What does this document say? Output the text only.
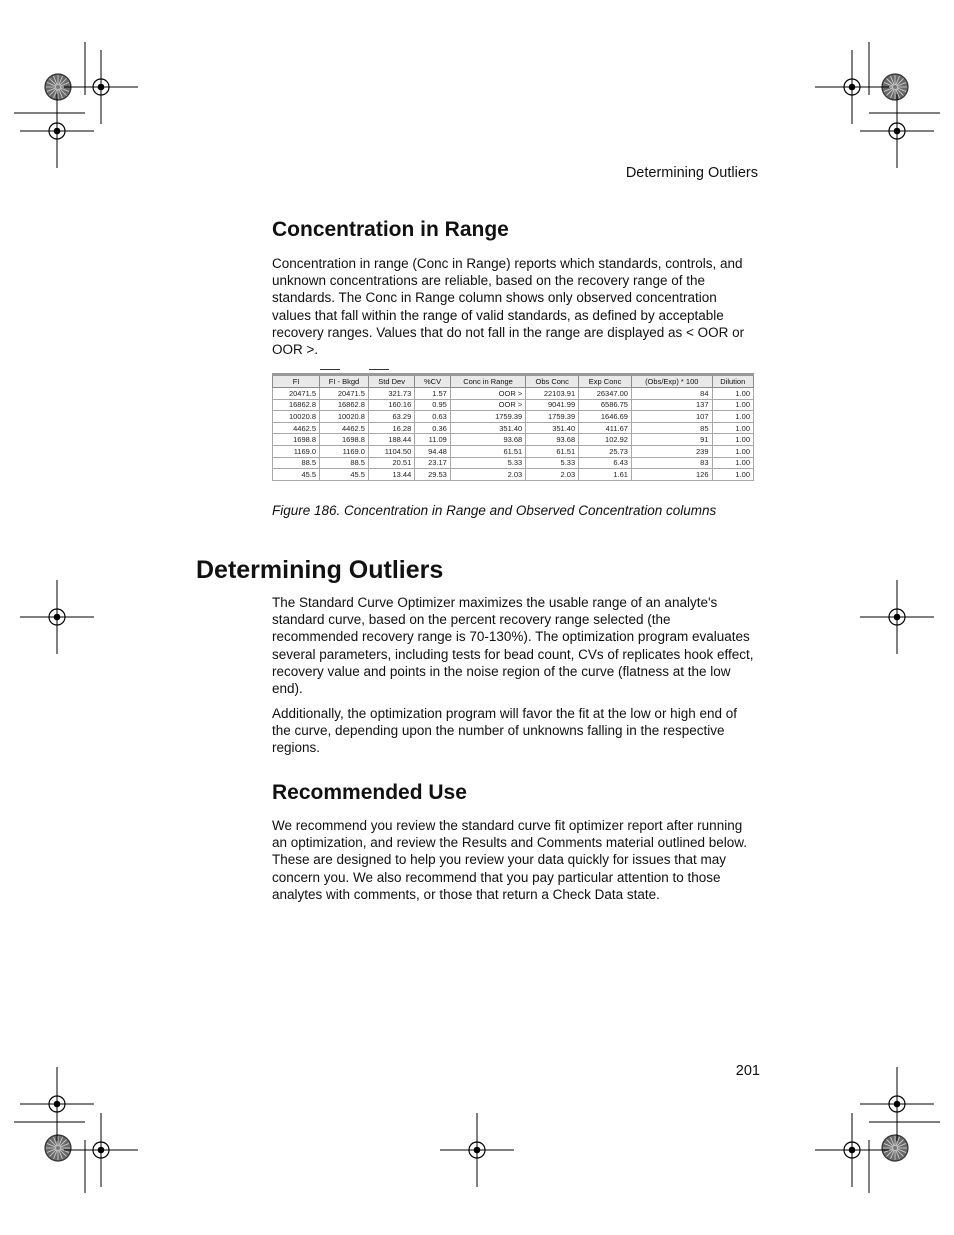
Determining Outliers
Concentration in Range

Concentration in range (Conc in Range) reports which standards, controls, and unknown concentrations are reliable, based on the recovery range of the standards. The Conc in Range column shows only observed concentration values that fall within the range of valid standards, as defined by acceptable recovery ranges. Values that do not fall in the range are displayed as < OOR or OOR >.

FI	FI - Bkgd	Std Dev	%CV	Conc in Range	Obs Conc	Exp Conc	(Obs/Exp) * 100	Dilution
20471.5	20471.5	321.73	1.57	OOR >	22103.91	26347.00	84	1.00
16862.8	16862.8	160.16	0.95	OOR >	9041.99	6586.75	137	1.00
10020.8	10020.8	63.29	0.63	1759.39	1759.39	1646.69	107	1.00
4462.5	4462.5	16.28	0.36	351.40	351.40	411.67	85	1.00
1698.8	1698.8	188.44	11.09	93.68	93.68	102.92	91	1.00
1169.0	1169.0	1104.50	94.48	61.51	61.51	25.73	239	1.00
88.5	88.5	20.51	23.17	5.33	5.33	6.43	83	1.00
45.5	45.5	13.44	29.53	2.03	2.03	1.61	126	1.00
Figure 186. Concentration in Range and Observed Concentration columns
Determining Outliers

The Standard Curve Optimizer maximizes the usable range of an analyte's standard curve, based on the percent recovery range selected (the recommended recovery range is 70-130%). The optimization program evaluates several parameters, including tests for bead count, CVs of replicates hook effect, recovery value and points in the noise region of the curve (flatness at the low end).

Additionally, the optimization program will favor the fit at the low or high end of the curve, depending upon the number of unknowns falling in the respective regions.

Recommended Use

We recommend you review the standard curve fit optimizer report after running an optimization, and review the Results and Comments material outlined below. These are designed to help you review your data quickly for issues that may concern you. We also recommend that you pay particular attention to those analytes with comments, or those that return a Check Data state.

201
